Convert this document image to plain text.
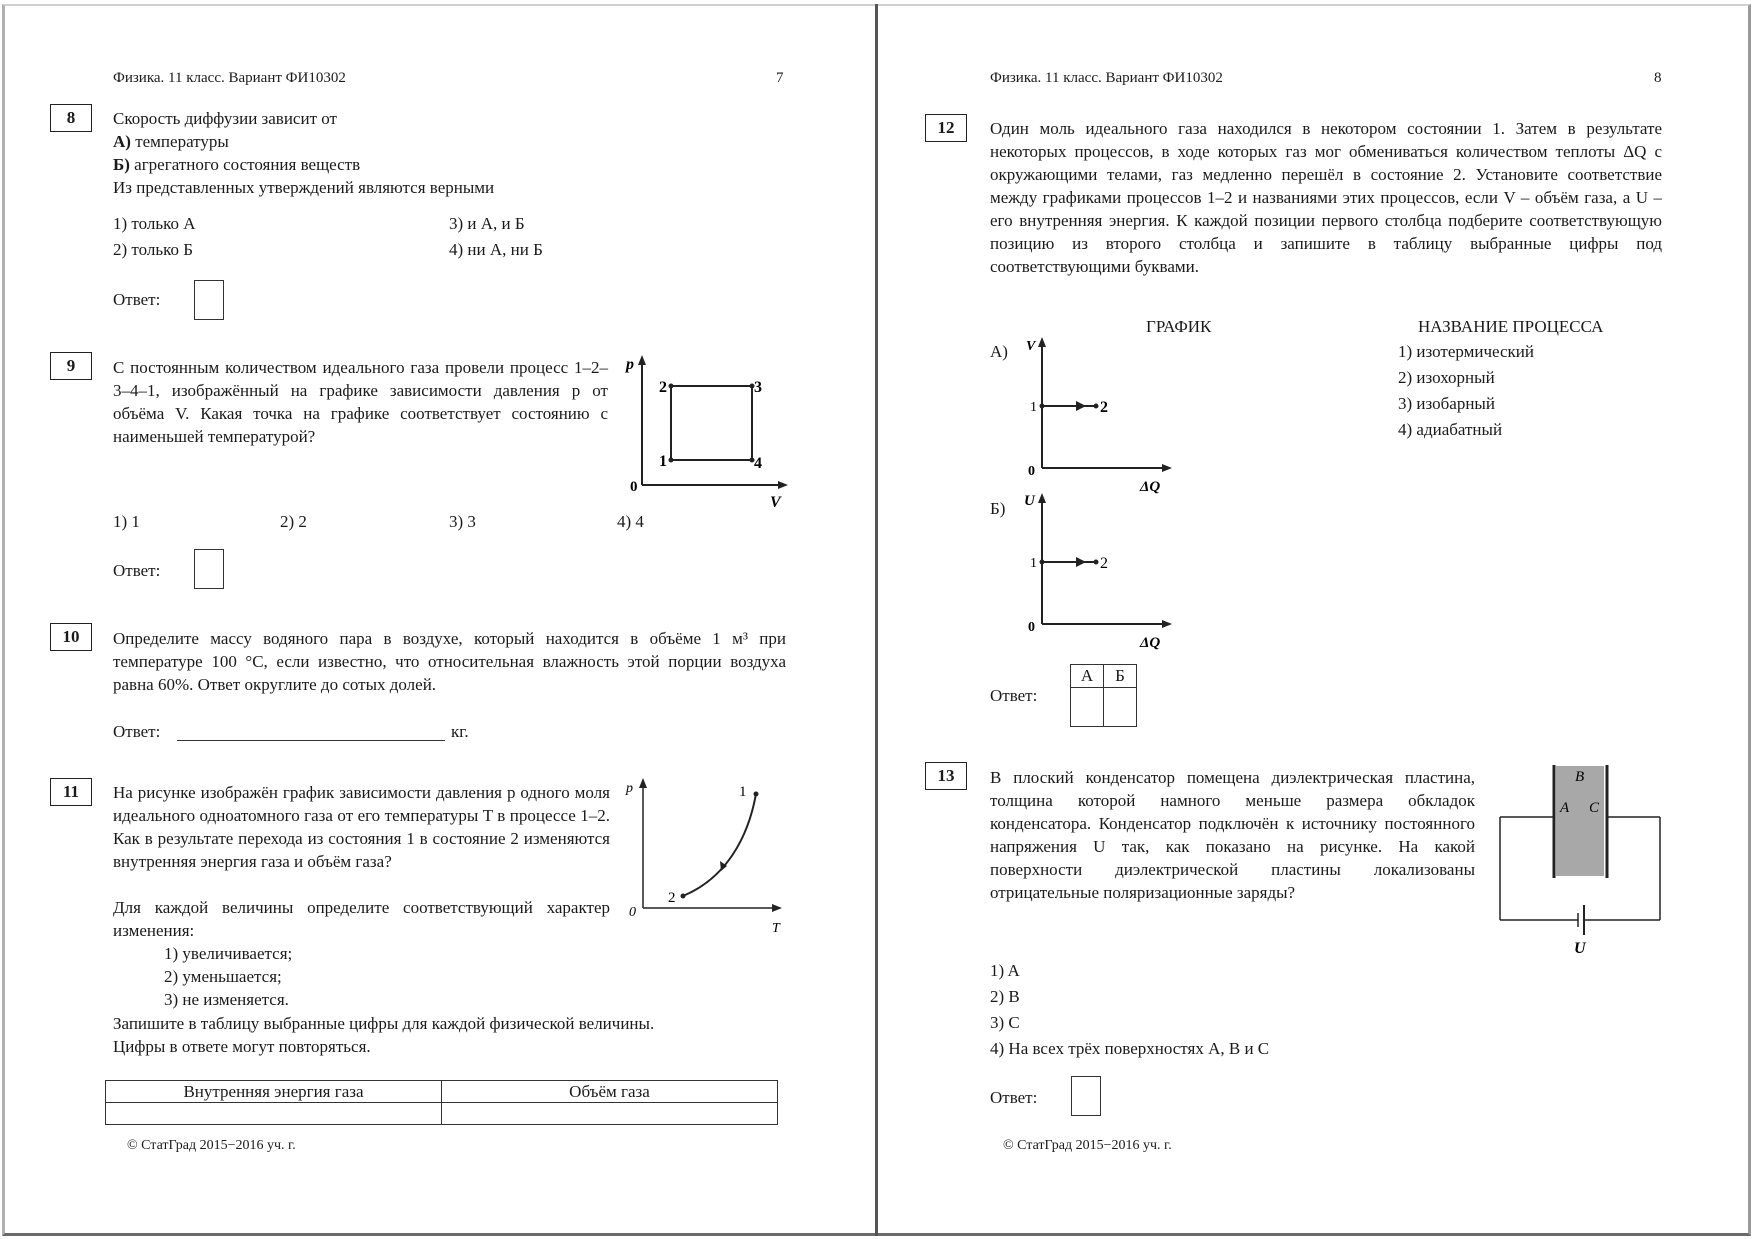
Физика. 11 класс. Вариант ФИ10302	7
8	Скорость диффузии зависит от
А) температуры
Б) агрегатного состояния веществ
Из представленных утверждений являются верными
1) только А
2) только Б
3) и А, и Б
4) ни А, ни Б
Ответ:
9	С постоянным количеством идеального газа провели процесс 1–2–3–4–1, изображённый на графике зависимости давления p от объёма V. Какая точка на графике соответствует состоянию с наименьшей температурой?
p
V
0
1
2	3
4
1) 1	2) 2	3) 3	4) 4
Ответ:
10	Определите массу водяного пара в воздухе, который находится в объёме 1 м³ при температуре 100 °С, если известно, что относительная влажность этой порции воздуха равна 60%. Ответ округлите до сотых долей.
Ответ:	кг.
11	На рисунке изображён график зависимости давления p одного моля идеального одноатомного газа от его температуры T в процессе 1–2. Как в результате перехода из состояния 1 в состояние 2 изменяются внутренняя энергия газа и объём газа?
Для каждой величины определите соответствующий характер изменения:
1) увеличивается;
2) уменьшается;
3) не изменяется.
Запишите в таблицу выбранные цифры для каждой физической величины.
Цифры в ответе могут повторяться.
p
T
0
1
2
Внутренняя энергия газа	Объём газа

© СтатГрад 2015−2016 уч. г.
Физика. 11 класс. Вариант ФИ10302	8
12	Один моль идеального газа находился в некотором состоянии 1. Затем в результате некоторых процессов, в ходе которых газ мог обмениваться количеством теплоты ΔQ с окружающими телами, газ медленно перешёл в состояние 2. Установите соответствие между графиками процессов 1–2 и названиями этих процессов, если V – объём газа, а U – его внутренняя энергия. К каждой позиции первого столбца подберите соответствующую позицию из второго столбца и запишите в таблицу выбранные цифры под соответствующими буквами.
ГРАФИК	НАЗВАНИЕ ПРОЦЕССА
1) изотермический
2) изохорный
3) изобарный
4) адиабатный
А) V
ΔQ
0
1	2
Б) U
ΔQ
0
1	2
Ответ:
А	Б

13	В плоский конденсатор помещена диэлектрическая пластина, толщина которой намного меньше размера обкладок конденсатора. Конденсатор подключён к источнику постоянного напряжения U так, как показано на рисунке. На какой поверхности диэлектрической пластины локализованы отрицательные поляризационные заряды?
B
A C
U
1) A
2) B
3) C
4) На всех трёх поверхностях A, B и C
Ответ:
© СтатГрад 2015−2016 уч. г.
